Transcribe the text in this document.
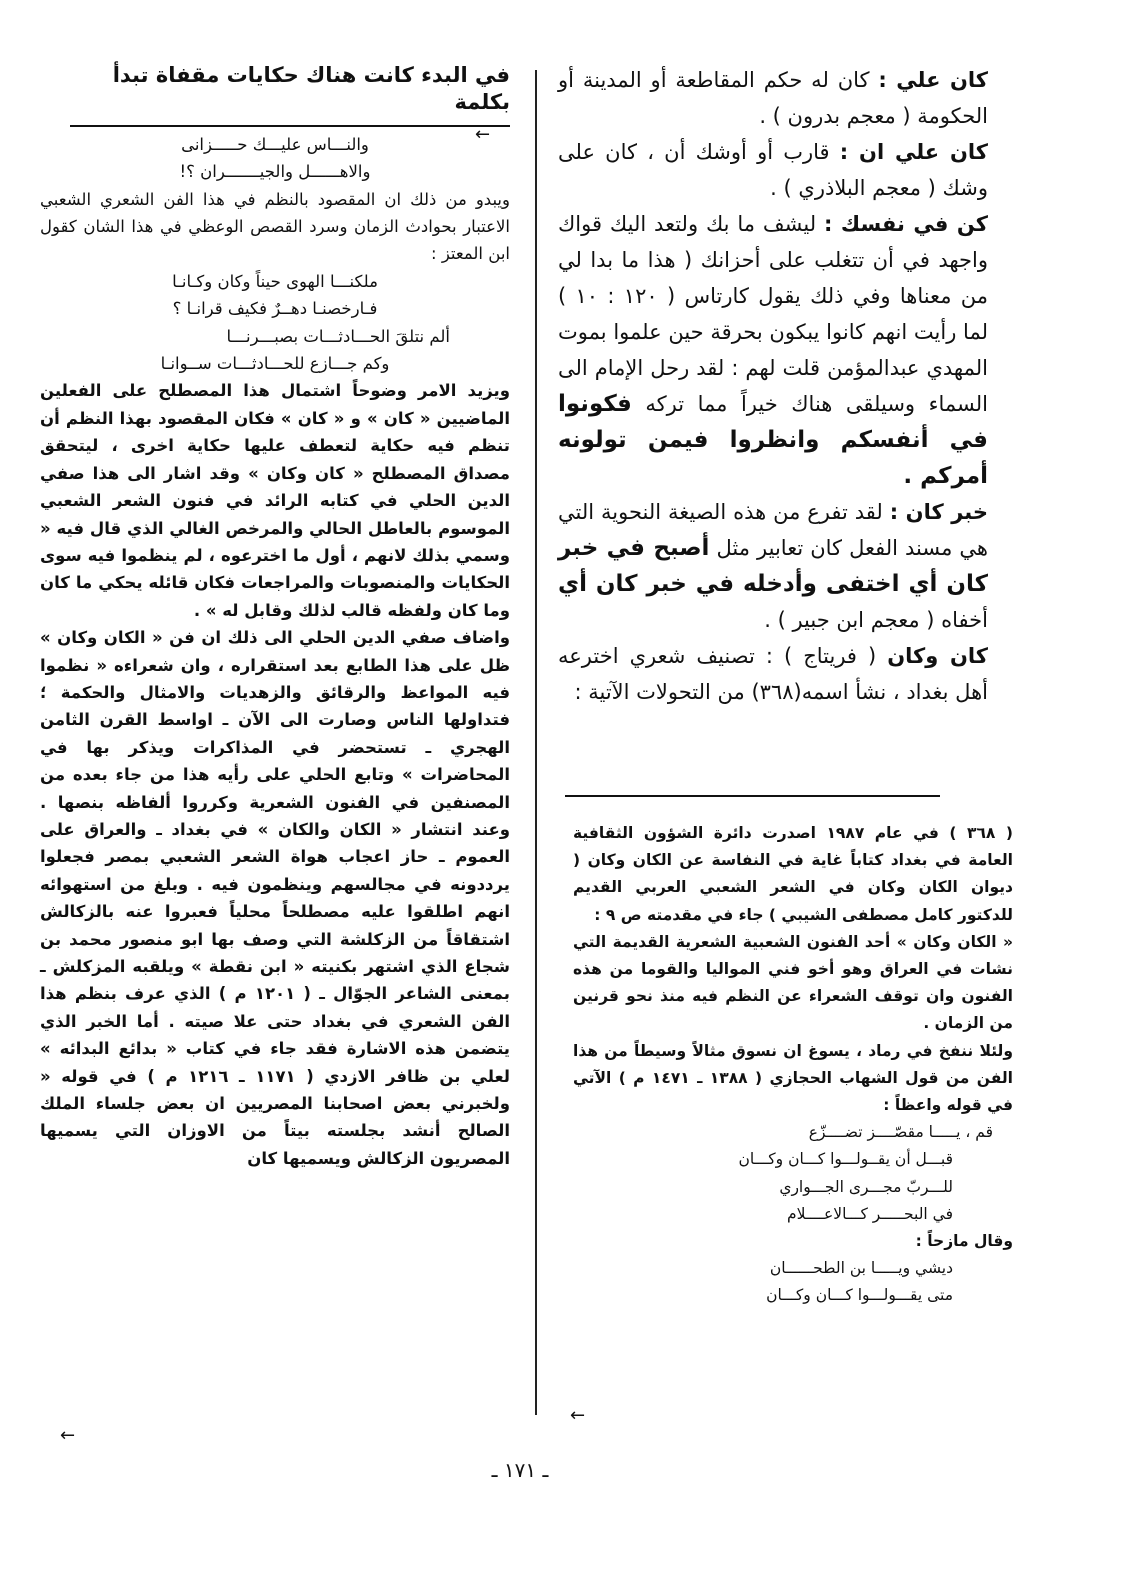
كان علي : كان له حكم المقاطعة أو المدينة أو الحكومة ( معجم بدرون ) .

كان علي ان : قارب أو أوشك أن ، كان على وشك ( معجم البلاذري ) .

كن في نفسك : ليشف ما بك ولتعد اليك قواك واجهد في أن تتغلب على أحزانك ( هذا ما بدا لي من معناها وفي ذلك يقول كارتاس ( ١٢٠ : ١٠ ) لما رأيت انهم كانوا يبكون بحرقة حين علموا بموت المهدي عبدالمؤمن قلت لهم : لقد رحل الإمام الى السماء وسيلقى هناك خيراً مما تركه فكونوا في أنفسكم وانظروا فيمن تولونه أمركم .

خبر كان : لقد تفرع من هذه الصيغة النحوية التي هي مسند الفعل كان تعابير مثل أصبح في خبر كان أي اختفى وأدخله في خبر كان أي أخفاه ( معجم ابن جبير ) .

كان وكان ( فريتاج ) : تصنيف شعري اخترعه أهل بغداد ، نشأ اسمه(٣٦٨) من التحولات الآتية :

في البدء كانت هناك حكايات مقفاة تبدأ بكلمة

والنـــاس عليـــك حـــــزانى

والاهــــــل والجيـــــــران ؟!

ويبدو من ذلك ان المقصود بالنظم في هذا الفن الشعري الشعبي الاعتبار بحوادث الزمان وسرد القصص الوعظي في هذا الشان كقول ابن المعتز :

ملكنـــا الهوى حيناً وكان وكـانـا

فـارخصنـا دهــرٌ فكيف قرانـا ؟

ألم نتلقَ الحـــادثـــات بصبـــرنـــا

وكم جـــازع للحـــادثـــات ســوانـا

ويزيد الامر وضوحاً اشتمال هذا المصطلح على الفعلين الماضيين « كان » و « كان » فكان المقصود بهذا النظم أن تنظم فيه حكاية لتعطف عليها حكاية اخرى ، ليتحقق مصداق المصطلح « كان وكان » وقد اشار الى هذا صفي الدين الحلي في كتابه الرائد في فنون الشعر الشعبي الموسوم بالعاطل الحالي والمرخص الغالي الذي قال فيه « وسمي بذلك لانهم ، أول ما اخترعوه ، لم ينظموا فيه سوى الحكايات والمنصوبات والمراجعات فكان قائله يحكي ما كان وما كان ولفظه قالب لذلك وقابل له » .

واضاف صفي الدين الحلي الى ذلك ان فن « الكان وكان » ظل على هذا الطابع بعد استقراره ، وان شعراءه « نظموا فيه المواعظ والرقائق والزهديات والامثال والحكمة ؛ فتداولها الناس وصارت الى الآن ـ اواسط القرن الثامن الهجري ـ تستحضر في المذاكرات ويذكر بها في المحاضرات » وتابع الحلي على رأيه هذا من جاء بعده من المصنفين في الفنون الشعرية وكرروا ألفاظه بنصها . وعند انتشار « الكان والكان » في بغداد ـ والعراق على العموم ـ حاز اعجاب هواة الشعر الشعبي بمصر فجعلوا يرددونه في مجالسهم وينظمون فيه . وبلغ من استهوائه انهم اطلقوا عليه مصطلحاً محلياً فعبروا عنه بالزكالش اشتقاقاً من الزكلشة التي وصف بها ابو منصور محمد بن شجاع الذي اشتهر بكنيته « ابن نقطة » ويلقبه المزكلش ـ بمعنى الشاعر الجوّال ـ ( ١٢٠١ م ) الذي عرف بنظم هذا الفن الشعري في بغداد حتى علا صيته . أما الخبر الذي يتضمن هذه الاشارة فقد جاء في كتاب « بدائع البدائه » لعلي بن ظافر الازدي ( ١١٧١ ـ ١٢١٦ م ) في قوله « ولخبرني بعض اصحابنا المصريين ان بعض جلساء الملك الصالح أنشد بجلسته بيتاً من الاوزان التي يسميها المصريون الزكالش ويسميها كان

←
←

( ٣٦٨ ) في عام ١٩٨٧ اصدرت دائرة الشؤون الثقافية العامة في بغداد كتاباً غاية في النفاسة عن الكان وكان ( ديوان الكان وكان في الشعر الشعبي العربي القديم للدكتور كامل مصطفى الشيبي ) جاء في مقدمته ص ٩ :

« الكان وكان » أحد الفنون الشعبية الشعرية القديمة التي نشات في العراق وهو أخو فني المواليا والقوما من هذه الفنون وان توقف الشعراء عن النظم فيه منذ نحو قرنين من الزمان .

ولئلا ننفخ في رماد ، يسوغ ان نسوق مثالاً وسيطاً من هذا الفن من قول الشهاب الحجازي ( ١٣٨٨ ـ ١٤٧١ م ) الآتي في قوله واعظاً :

قم ، يـــــا مقصّــــز تضــــزّع

قبـــل أن يقــولـــوا كـــان وكـــان

للـــربّ مجـــرى الجـــواري

في البحـــــر كـــالاعــــلام

وقال مازحاً :

ديشي ويـــــا بن الطحــــــان

متى يقـــولـــوا كـــان وكـــان

←
ـ ١٧١ ـ
